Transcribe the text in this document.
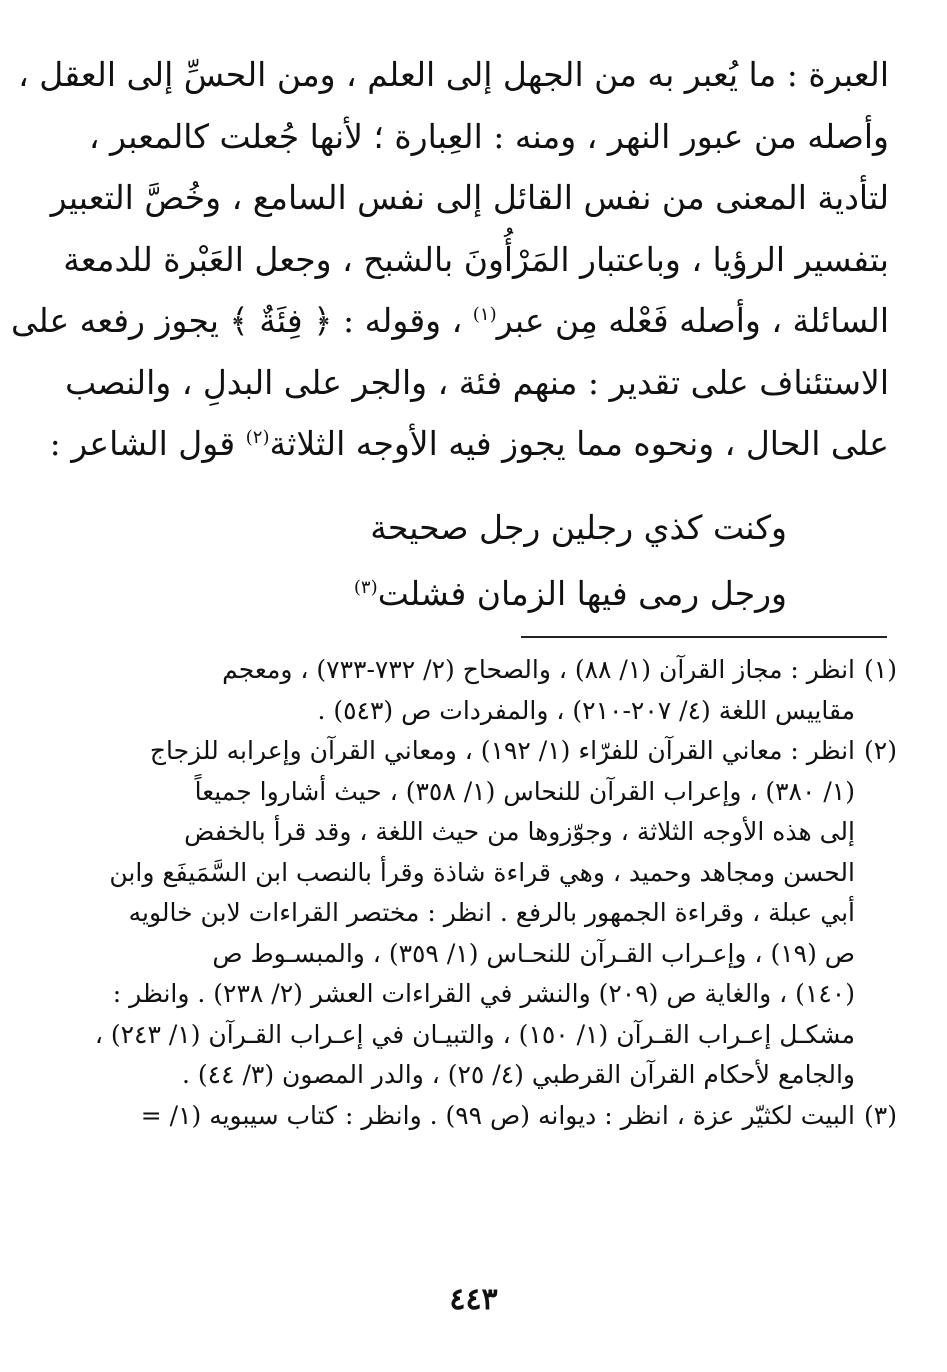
العبرة : ما يُعبر به من الجهل إلى العلم ، ومن الحسِّ إلى العقل ،
وأصله من عبور النهر ، ومنه : العِبارة ؛ لأنها جُعلت كالمعبر ،
لتأدية المعنى من نفس القائل إلى نفس السامع ، وخُصَّ التعبير
بتفسير الرؤيا ، وباعتبار المَرْأُونَ بالشبح ، وجعل العَبْرة للدمعة
السائلة ، وأصله فَعْله مِن عبر$^{(١)}$ ، وقوله : ﴿ فِئَةٌ ﴾ يجوز رفعه على
الاستئناف على تقدير : منهم فئة ، والجر على البدلِ ، والنصب
على الحال ، ونحوه مما يجوز فيه الأوجه الثلاثة$^{(٢)}$ قول الشاعر :
وكنت كذي رجلين رجل صحيحة
ورجل رمى فيها الزمان فشلت$^{(٣)}$
(١)
انظر : مجاز القرآن (١/ ٨٨) ، والصحاح (٢/ ٧٣٢-٧٣٣) ، ومعجم
مقاييس اللغة (٤/ ٢٠٧-٢١٠) ، والمفردات ص (٥٤٣) .
(٢)
انظر : معاني القرآن للفرّاء (١/ ١٩٢) ، ومعاني القرآن وإعرابه للزجاج
(١/ ٣٨٠) ، وإعراب القرآن للنحاس (١/ ٣٥٨) ، حيث أشاروا جميعاً
إلى هذه الأوجه الثلاثة ، وجوّزوها من حيث اللغة ، وقد قرأ بالخفض
الحسن ومجاهد وحميد ، وهي قراءة شاذة وقرأ بالنصب ابن السَّمَيفَع وابن
أبي عبلة ، وقراءة الجمهور بالرفع . انظر : مختصر القراءات لابن خالويه
ص (١٩) ، وإعـراب القـرآن للنحـاس (١/ ٣٥٩) ، والمبسـوط ص
(١٤٠) ، والغاية ص (٢٠٩) والنشر في القراءات العشر (٢/ ٢٣٨) . وانظر :
مشكـل إعـراب القـرآن (١/ ١٥٠) ، والتبيـان في إعـراب القـرآن (١/ ٢٤٣) ،
والجامع لأحكام القرآن القرطبي (٤/ ٢٥) ، والدر المصون (٣/ ٤٤) .
(٣)
البيت لكثيّر عزة ، انظر : ديوانه (ص ٩٩) . وانظر : كتاب سيبويه (١/ =
٤٤٣
